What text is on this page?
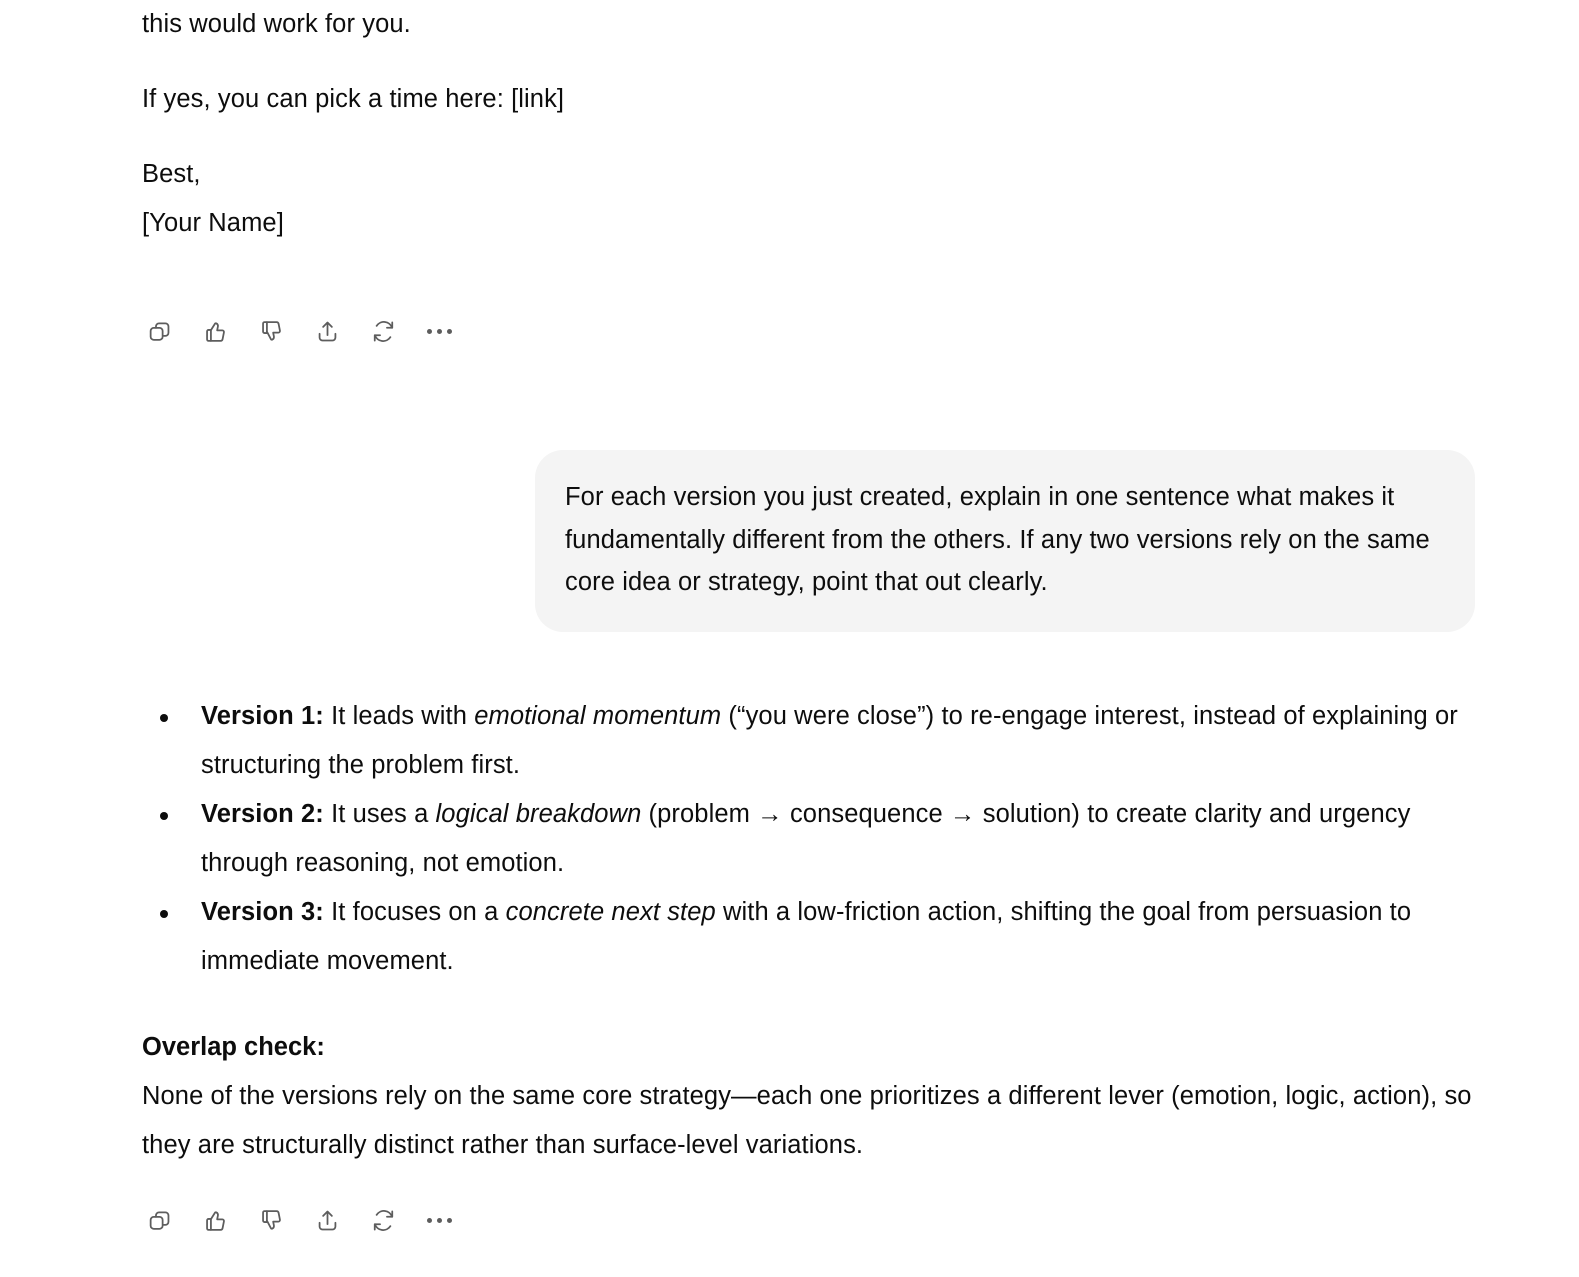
this would work for you.
If yes, you can pick a time here: [link]
Best,
[Your Name]
For each version you just created, explain in one sentence what makes it fundamentally different from the others. If any two versions rely on the same core idea or strategy, point that out clearly.
Version 1: It leads with emotional momentum (“you were close”) to re-engage interest, instead of explaining or structuring the problem first.
Version 2: It uses a logical breakdown (problem → consequence → solution) to create clarity and urgency through reasoning, not emotion.
Version 3: It focuses on a concrete next step with a low-friction action, shifting the goal from persuasion to immediate movement.
Overlap check:
None of the versions rely on the same core strategy—each one prioritizes a different lever (emotion, logic, action), so they are structurally distinct rather than surface-level variations.
